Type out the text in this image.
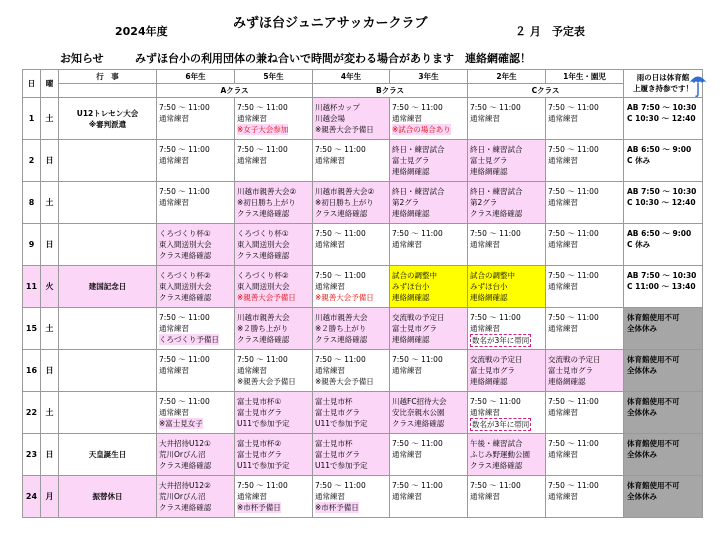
2024年度
みずほ台ジュニアサッカークラブ
２ 月　予定表
お知らせ	みずほ台小の利用団体の兼ね合いで時間が変わる場合があります　連絡網確認！
日	曜	行　事	6年生	5年生	4年生	3年生	2年生	1年生・園児	雨の日は体育館
上履き持参です！

			Aクラス		Bクラス		Cクラス		
1	土	U12トレセン大会
※審判派遣	7:50 ～ 11:00
通常練習	7:50 ～ 11:00
通常練習
※女子大会参加	川越杯カップ
川越会場
※親善大会予備日	7:50 ～ 11:00
通常練習
※試合の場合あり	7:50 ～ 11:00
通常練習	7:50 ～ 11:00
通常練習	AB 7:50 ～ 10:30
C 10:30 ～ 12:40

2	日		7:50 ～ 11:00
通常練習	7:50 ～ 11:00
通常練習	7:50 ～ 11:00
通常練習	終日・練習試合
富士見グラ
連絡網確認	終日・練習試合
富士見グラ
連絡網確認	7:50 ～ 11:00
通常練習	AB 6:50 ～ 9:00
C 休み

8	土		7:50 ～ 11:00
通常練習	川越市親善大会②
※初日勝ち上がり
クラス連絡確認	川越市親善大会②
※初日勝ち上がり
クラス連絡確認	終日・練習試合
第2グラ
連絡網確認	終日・練習試合
第2グラ
クラス連絡確認	7:50 ～ 11:00
通常練習	AB 7:50 ～ 10:30
C 10:30 ～ 12:40

9	日		くろづくり杯①
東入間送別大会
クラス連絡確認	くろづくり杯①
東入間送別大会
クラス連絡確認	7:50 ～ 11:00
通常練習	7:50 ～ 11:00
通常練習	7:50 ～ 11:00
通常練習	7:50 ～ 11:00
通常練習	AB 6:50 ～ 9:00
C 休み

11	火	建国記念日	くろづくり杯②
東入間送別大会
クラス連絡確認	くろづくり杯②
東入間送別大会
※親善大会予備日	7:50 ～ 11:00
通常練習
※親善大会予備日	試合の調整中
みずほ台小
連絡網確認	試合の調整中
みずほ台小
連絡網確認	7:50 ～ 11:00
通常練習	AB 7:50 ～ 10:30
C 11:00 ～ 13:40

15	土		7:50 ～ 11:00
通常練習
くろづくり予備日	川越市親善大会
※２勝ち上がり
クラス連絡確認	川越市親善大会
※２勝ち上がり
クラス連絡確認	交流戦の予定日
富士見市グラ
連絡網確認	7:50 ～ 11:00
通常練習
数名が3年に帯同	7:50 ～ 11:00
通常練習	体育館使用不可
全体休み

16	日		7:50 ～ 11:00
通常練習	7:50 ～ 11:00
通常練習
※親善大会予備日	7:50 ～ 11:00
通常練習
※親善大会予備日	7:50 ～ 11:00
通常練習	交流戦の予定日
富士見市グラ
連絡網確認	交流戦の予定日
富士見市グラ
連絡網確認	体育館使用不可
全体休み

22	土		7:50 ～ 11:00
通常練習
※富士見女子	富士見市杯①
富士見市グラ
U11で参加予定	富士見市杯
富士見市グラ
U11で参加予定	川越FC招待大会
安比奈親水公園
クラス連絡確認	7:50 ～ 11:00
通常練習
数名が3年に帯同	7:50 ～ 11:00
通常練習	体育館使用不可
全体休み

23	日	天皇誕生日	大井招待U12①
荒川Orびん沼
クラス連絡確認	富士見市杯②
富士見市グラ
U11で参加予定	富士見市杯
富士見市グラ
U11で参加予定	7:50 ～ 11:00
通常練習	午後・練習試合
ふじみ野運動公園
クラス連絡確認	7:50 ～ 11:00
通常練習	体育館使用不可
全体休み

24	月	振替休日	大井招待U12②
荒川Orびん沼
クラス連絡確認	7:50 ～ 11:00
通常練習
※市杯予備日	7:50 ～ 11:00
通常練習
※市杯予備日	7:50 ～ 11:00
通常練習	7:50 ～ 11:00
通常練習	7:50 ～ 11:00
通常練習	体育館使用不可
全体休み
